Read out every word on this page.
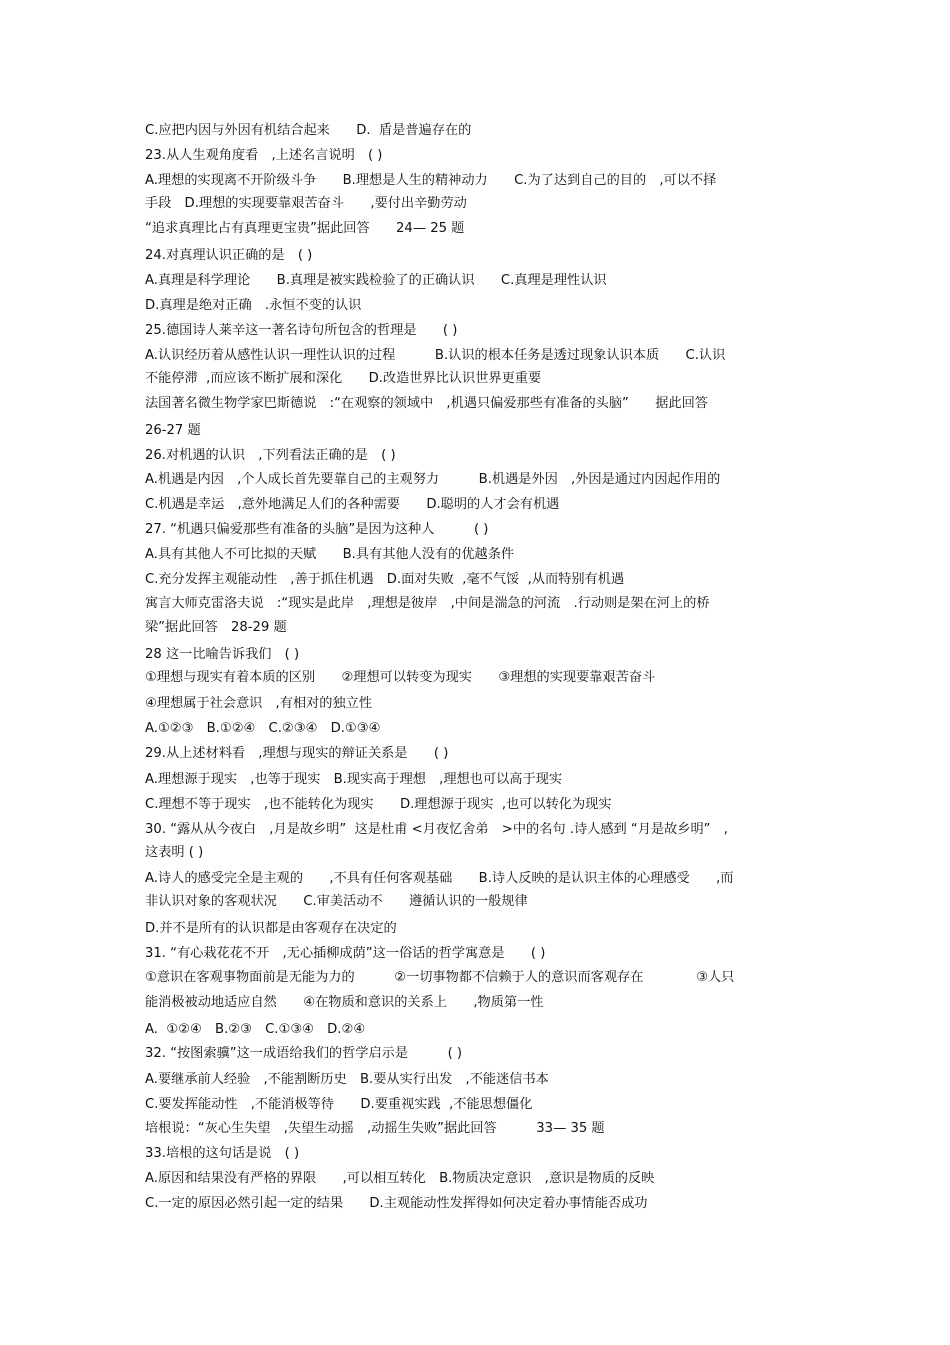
C.应把内因与外因有机结合起来　　D.  盾是普遍存在的
23.从人生观角度看　,上述名言说明　( )
A.理想的实现离不开阶级斗争　　B.理想是人生的精神动力　　C.为了达到自己的目的　,可以不择
手段　D.理想的实现要靠艰苦奋斗　　,要付出辛勤劳动
“追求真理比占有真理更宝贵”据此回答　　24— 25 题
24.对真理认识正确的是　( )
A.真理是科学理论　　B.真理是被实践检验了的正确认识　　C.真理是理性认识
D.真理是绝对正确　.永恒不变的认识
25.德国诗人莱辛这一著名诗句所包含的哲理是　　( )
A.认识经历着从感性认识一理性认识的过程　　　B.认识的根本任务是透过现象认识本质　　C.认识
不能停滞  ,而应该不断扩展和深化　　D.改造世界比认识世界更重要
法国著名微生物学家巴斯德说　:“在观察的领域中　,机遇只偏爱那些有准备的头脑”　　据此回答
26-27 题
26.对机遇的认识　,下列看法正确的是　( )
A.机遇是内因　,个人成长首先要靠自己的主观努力　　　B.机遇是外因　,外因是通过内因起作用的
C.机遇是幸运　,意外地满足人们的各种需要　　D.聪明的人才会有机遇
27. “机遇只偏爱那些有准备的头脑”是因为这种人　　　( )
A.具有其他人不可比拟的天赋　　B.具有其他人没有的优越条件
C.充分发挥主观能动性　,善于抓住机遇　D.面对失败  ,毫不气馁  ,从而特别有机遇
寓言大师克雷洛夫说　:“现实是此岸　,理想是彼岸　,中间是湍急的河流　.行动则是架在河上的桥
梁”据此回答　28-29 题
28 这一比喻告诉我们　( )
①理想与现实有着本质的区别　　②理想可以转变为现实　　③理想的实现要靠艰苦奋斗
④理想属于社会意识　,有相对的独立性
A.①②③　B.①②④　C.②③④　D.①③④
29.从上述材料看　,理想与现实的辩证关系是　　( )
A.理想源于现实　,也等于现实　B.现实高于理想　,理想也可以高于现实
C.理想不等于现实　,也不能转化为现实　　D.理想源于现实  ,也可以转化为现实
30. “露从从今夜白　,月是故乡明”  这是杜甫 <月夜忆舍弟　>中的名句 .诗人感到 “月是故乡明”　,
这表明 ( )
A.诗人的感受完全是主观的　　,不具有任何客观基础　　B.诗人反映的是认识主体的心理感受　　,而
非认识对象的客观状况　　C.审美活动不　　遵循认识的一般规律
D.并不是所有的认识都是由客观存在决定的
31. “有心栽花花不开　,无心插柳成荫”这一俗话的哲学寓意是　　( )
①意识在客观事物面前是无能为力的　　　②一切事物都不信赖于人的意识而客观存在　　　　③人只
能消极被动地适应自然　　④在物质和意识的关系上　　,物质第一性
A.  ①②④　B.②③　C.①③④　D.②④
32. “按图索骥”这一成语给我们的哲学启示是　　　( )
A.要继承前人经验　,不能割断历史　B.要从实行出发　,不能迷信书本
C.要发挥能动性　,不能消极等待　　D.要重视实践  ,不能思想僵化
培根说：“灰心生失望　,失望生动摇　,动摇生失败”据此回答　　　33— 35 题
33.培根的这句话是说　( )
A.原因和结果没有严格的界限　　,可以相互转化　B.物质决定意识　,意识是物质的反映
C.一定的原因必然引起一定的结果　　D.主观能动性发挥得如何决定着办事情能否成功
